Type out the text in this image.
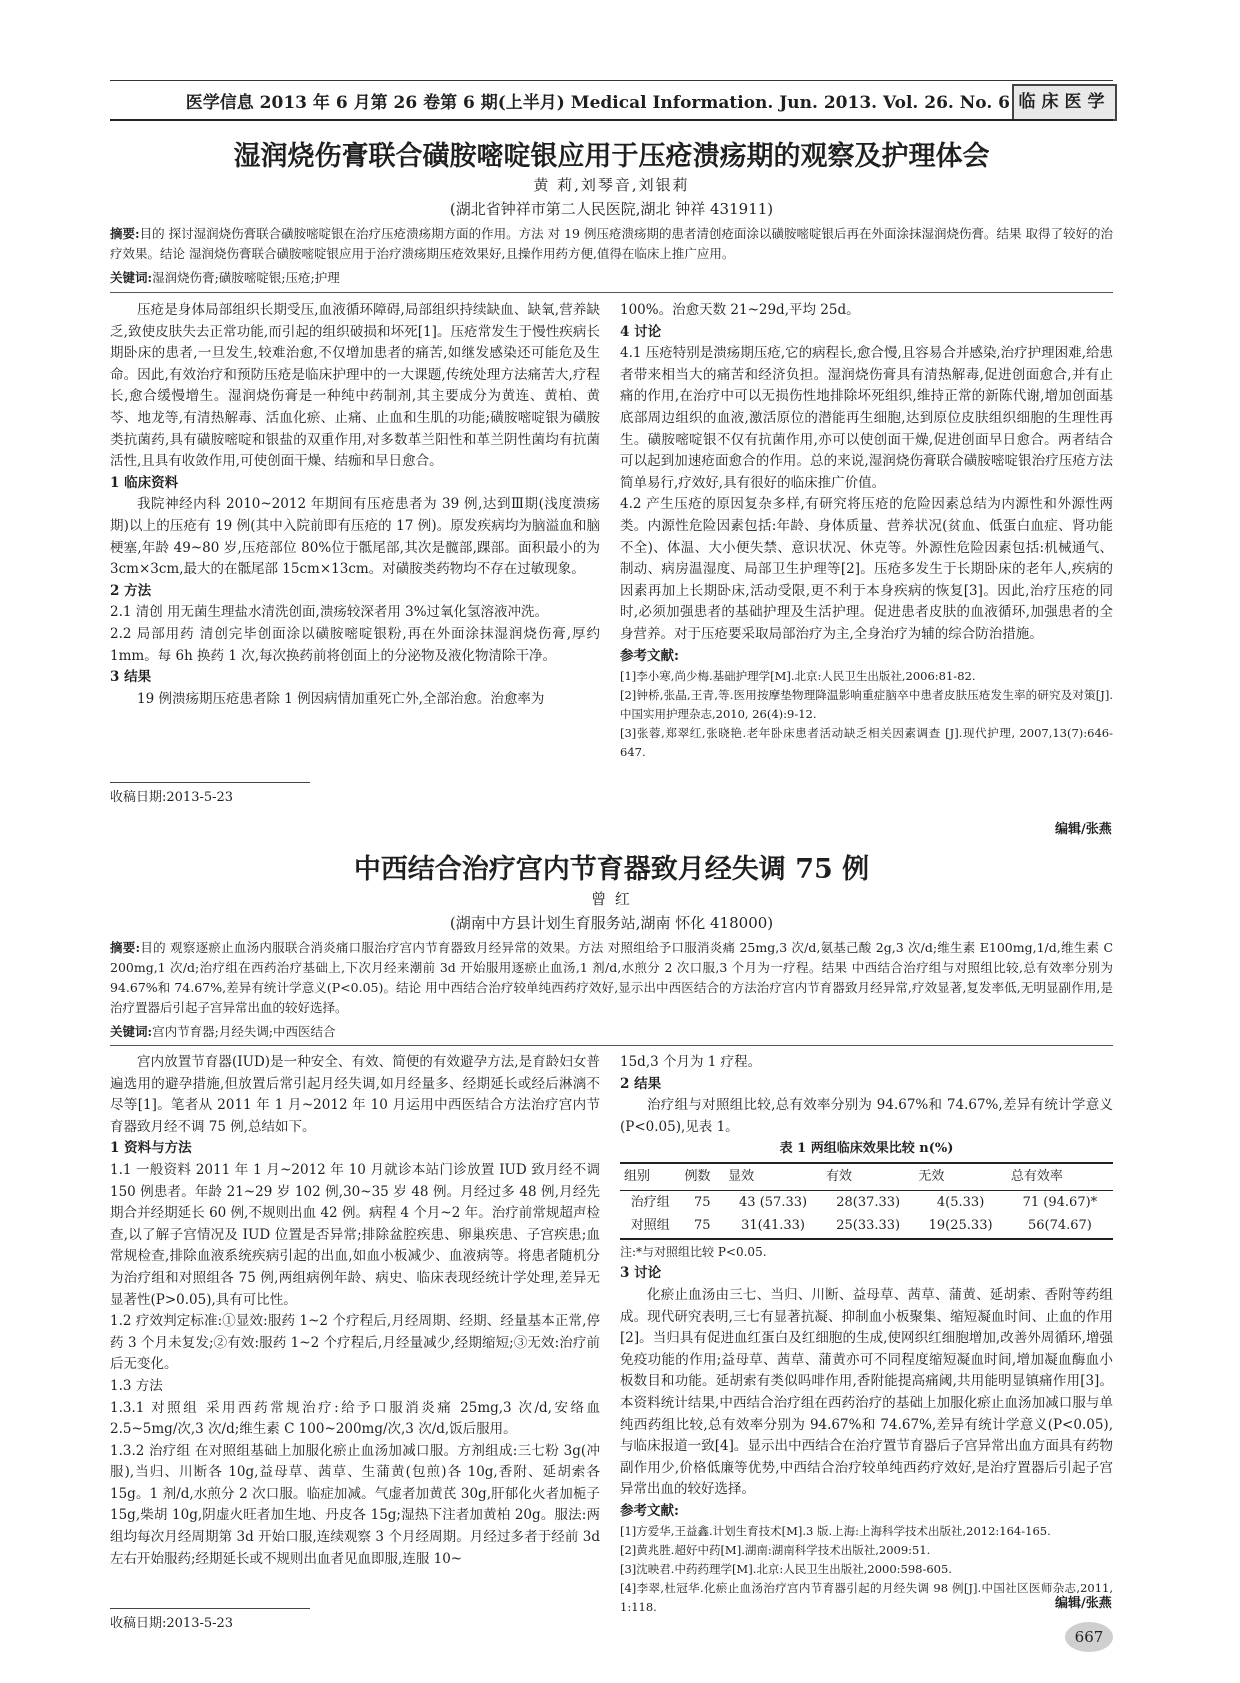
医学信息 2013 年 6 月第 26 卷第 6 期(上半月) Medical Information. Jun. 2013. Vol. 26. No. 6 临床医学
湿润烧伤膏联合磺胺嘧啶银应用于压疮溃疡期的观察及护理体会
黄 莉,刘琴音,刘银莉
(湖北省钟祥市第二人民医院,湖北 钟祥 431911)
摘要:目的 探讨湿润烧伤膏联合磺胺嘧啶银在治疗压疮溃疡期方面的作用。方法 对 19 例压疮溃疡期的患者清创疮面涂以磺胺嘧啶银后再在外面涂抹湿润烧伤膏。结果 取得了较好的治疗效果。结论 湿润烧伤膏联合磺胺嘧啶银应用于治疗溃疡期压疮效果好,且操作用药方便,值得在临床上推广应用。
关键词:湿润烧伤膏;磺胺嘧啶银;压疮;护理

压疮是身体局部组织长期受压,血液循环障碍,局部组织持续缺血、缺氧,营养缺乏,致使皮肤失去正常功能,而引起的组织破损和坏死[1]。压疮常发生于慢性疾病长期卧床的患者,一旦发生,较难治愈,不仅增加患者的痛苦,如继发感染还可能危及生命。因此,有效治疗和预防压疮是临床护理中的一大课题,传统处理方法痛苦大,疗程长,愈合缓慢增生。湿润烧伤膏是一种纯中药制剂,其主要成分为黄连、黄柏、黄芩、地龙等,有清热解毒、活血化瘀、止痛、止血和生肌的功能;磺胺嘧啶银为磺胺类抗菌药,具有磺胺嘧啶和银盐的双重作用,对多数革兰阳性和革兰阴性菌均有抗菌活性,且具有收敛作用,可使创面干燥、结痂和早日愈合。

1 临床资料

我院神经内科 2010~2012 年期间有压疮患者为 39 例,达到Ⅲ期(浅度溃疡期)以上的压疮有 19 例(其中入院前即有压疮的 17 例)。原发疾病均为脑溢血和脑梗塞,年龄 49~80 岁,压疮部位 80%位于骶尾部,其次是髋部,踝部。面积最小的为 3cm×3cm,最大的在骶尾部 15cm×13cm。对磺胺类药物均不存在过敏现象。

2 方法

2.1 清创 用无菌生理盐水清洗创面,溃疡较深者用 3%过氧化氢溶液冲洗。

2.2 局部用药 清创完毕创面涂以磺胺嘧啶银粉,再在外面涂抹湿润烧伤膏,厚约 1mm。每 6h 换药 1 次,每次换药前将创面上的分泌物及液化物清除干净。

3 结果

19 例溃疡期压疮患者除 1 例因病情加重死亡外,全部治愈。治愈率为

收稿日期:2013-5-23

100%。治愈天数 21~29d,平均 25d。

4 讨论

4.1 压疮特别是溃疡期压疮,它的病程长,愈合慢,且容易合并感染,治疗护理困难,给患者带来相当大的痛苦和经济负担。湿润烧伤膏具有清热解毒,促进创面愈合,并有止痛的作用,在治疗中可以无损伤性地排除坏死组织,维持正常的新陈代谢,增加创面基底部周边组织的血液,激活原位的潜能再生细胞,达到原位皮肤组织细胞的生理性再生。磺胺嘧啶银不仅有抗菌作用,亦可以使创面干燥,促进创面早日愈合。两者结合可以起到加速疮面愈合的作用。总的来说,湿润烧伤膏联合磺胺嘧啶银治疗压疮方法简单易行,疗效好,具有很好的临床推广价值。

4.2 产生压疮的原因复杂多样,有研究将压疮的危险因素总结为内源性和外源性两类。内源性危险因素包括:年龄、身体质量、营养状况(贫血、低蛋白血症、肾功能不全)、体温、大小便失禁、意识状况、休克等。外源性危险因素包括:机械通气、制动、病房温湿度、局部卫生护理等[2]。压疮多发生于长期卧床的老年人,疾病的因素再加上长期卧床,活动受限,更不利于本身疾病的恢复[3]。因此,治疗压疮的同时,必须加强患者的基础护理及生活护理。促进患者皮肤的血液循环,加强患者的全身营养。对于压疮要采取局部治疗为主,全身治疗为辅的综合防治措施。

参考文献:

[1]李小寒,尚少梅.基础护理学[M].北京:人民卫生出版社,2006:81-82.

[2]钟桥,张晶,王青,等.医用按摩垫物理降温影响重症脑卒中患者皮肤压疮发生率的研究及对策[J].中国实用护理杂志,2010, 26(4):9-12.

[3]张蓉,郑翠红,张晓艳.老年卧床患者活动缺乏相关因素调查 [J].现代护理, 2007,13(7):646-647.

编辑/张燕
中西结合治疗宫内节育器致月经失调 75 例
曾 红
(湖南中方县计划生育服务站,湖南 怀化 418000)
摘要:目的 观察逐瘀止血汤内服联合消炎痛口服治疗宫内节育器致月经异常的效果。方法 对照组给予口服消炎痛 25mg,3 次/d,氨基己酸 2g,3 次/d;维生素 E100mg,1/d,维生素 C 200mg,1 次/d;治疗组在西药治疗基础上,下次月经来潮前 3d 开始服用逐瘀止血汤,1 剂/d,水煎分 2 次口服,3 个月为一疗程。结果 中西结合治疗组与对照组比较,总有效率分别为 94.67%和 74.67%,差异有统计学意义(P<0.05)。结论 用中西结合治疗较单纯西药疗效好,显示出中西医结合的方法治疗宫内节育器致月经异常,疗效显著,复发率低,无明显副作用,是治疗置器后引起子宫异常出血的较好选择。
关键词:宫内节育器;月经失调;中西医结合

宫内放置节育器(IUD)是一种安全、有效、简便的有效避孕方法,是育龄妇女普遍选用的避孕措施,但放置后常引起月经失调,如月经量多、经期延长或经后淋漓不尽等[1]。笔者从 2011 年 1 月~2012 年 10 月运用中西医结合方法治疗宫内节育器致月经不调 75 例,总结如下。

1 资料与方法

1.1 一般资料 2011 年 1 月~2012 年 10 月就诊本站门诊放置 IUD 致月经不调 150 例患者。年龄 21~29 岁 102 例,30~35 岁 48 例。月经过多 48 例,月经先期合并经期延长 60 例,不规则出血 42 例。病程 4 个月~2 年。治疗前常规超声检查,以了解子宫情况及 IUD 位置是否异常;排除盆腔疾患、卵巢疾患、子宫疾患;血常规检查,排除血液系统疾病引起的出血,如血小板减少、血液病等。将患者随机分为治疗组和对照组各 75 例,两组病例年龄、病史、临床表现经统计学处理,差异无显著性(P>0.05),具有可比性。

1.2 疗效判定标准:①显效:服药 1~2 个疗程后,月经周期、经期、经量基本正常,停药 3 个月未复发;②有效:服药 1~2 个疗程后,月经量减少,经期缩短;③无效:治疗前后无变化。

1.3 方法

1.3.1 对照组 采用西药常规治疗:给予口服消炎痛 25mg,3 次/d,安络血 2.5~5mg/次,3 次/d;维生素 C 100~200mg/次,3 次/d,饭后服用。

1.3.2 治疗组 在对照组基础上加服化瘀止血汤加减口服。方剂组成:三七粉 3g(冲服),当归、川断各 10g,益母草、茜草、生蒲黄(包煎)各 10g,香附、延胡索各 15g。1 剂/d,水煎分 2 次口服。临症加减。气虚者加黄芪 30g,肝郁化火者加栀子 15g,柴胡 10g,阴虚火旺者加生地、丹皮各 15g;湿热下注者加黄柏 20g。服法:两组均每次月经周期第 3d 开始口服,连续观察 3 个月经周期。月经过多者于经前 3d 左右开始服药;经期延长或不规则出血者见血即服,连服 10~

收稿日期:2013-5-23

15d,3 个月为 1 疗程。

2 结果

治疗组与对照组比较,总有效率分别为 94.67%和 74.67%,差异有统计学意义(P<0.05),见表 1。

表 1 两组临床效果比较 n(%)
组别	例数	显效	有效	无效	总有效率
治疗组	75	43 (57.33)	28(37.33)	4(5.33)	71 (94.67)*
对照组	75	31(41.33)	25(33.33)	19(25.33)	56(74.67)
注:*与对照组比较 P<0.05.

3 讨论

化瘀止血汤由三七、当归、川断、益母草、茜草、蒲黄、延胡索、香附等药组成。现代研究表明,三七有显著抗凝、抑制血小板聚集、缩短凝血时间、止血的作用[2]。当归具有促进血红蛋白及红细胞的生成,使网织红细胞增加,改善外周循环,增强免疫功能的作用;益母草、茜草、蒲黄亦可不同程度缩短凝血时间,增加凝血酶血小板数目和功能。延胡索有类似吗啡作用,香附能提高痛阈,共用能明显镇痛作用[3]。本资料统计结果,中西结合治疗组在西药治疗的基础上加服化瘀止血汤加减口服与单纯西药组比较,总有效率分别为 94.67%和 74.67%,差异有统计学意义(P<0.05),与临床报道一致[4]。显示出中西结合在治疗置节育器后子宫异常出血方面具有药物副作用少,价格低廉等优势,中西结合治疗较单纯西药疗效好,是治疗置器后引起子宫异常出血的较好选择。

参考文献:

[1]方爱华,王益鑫.计划生育技术[M].3 版.上海:上海科学技术出版社,2012:164-165.

[2]黄兆胜.超好中药[M].湖南:湖南科学技术出版社,2009:51.

[3]沈映君.中药药理学[M].北京:人民卫生出版社,2000:598-605.

[4]李翠,杜冠华.化瘀止血汤治疗宫内节育器引起的月经失调 98 例[J].中国社区医师杂志,2011, 1:118.	编辑/张燕
667
